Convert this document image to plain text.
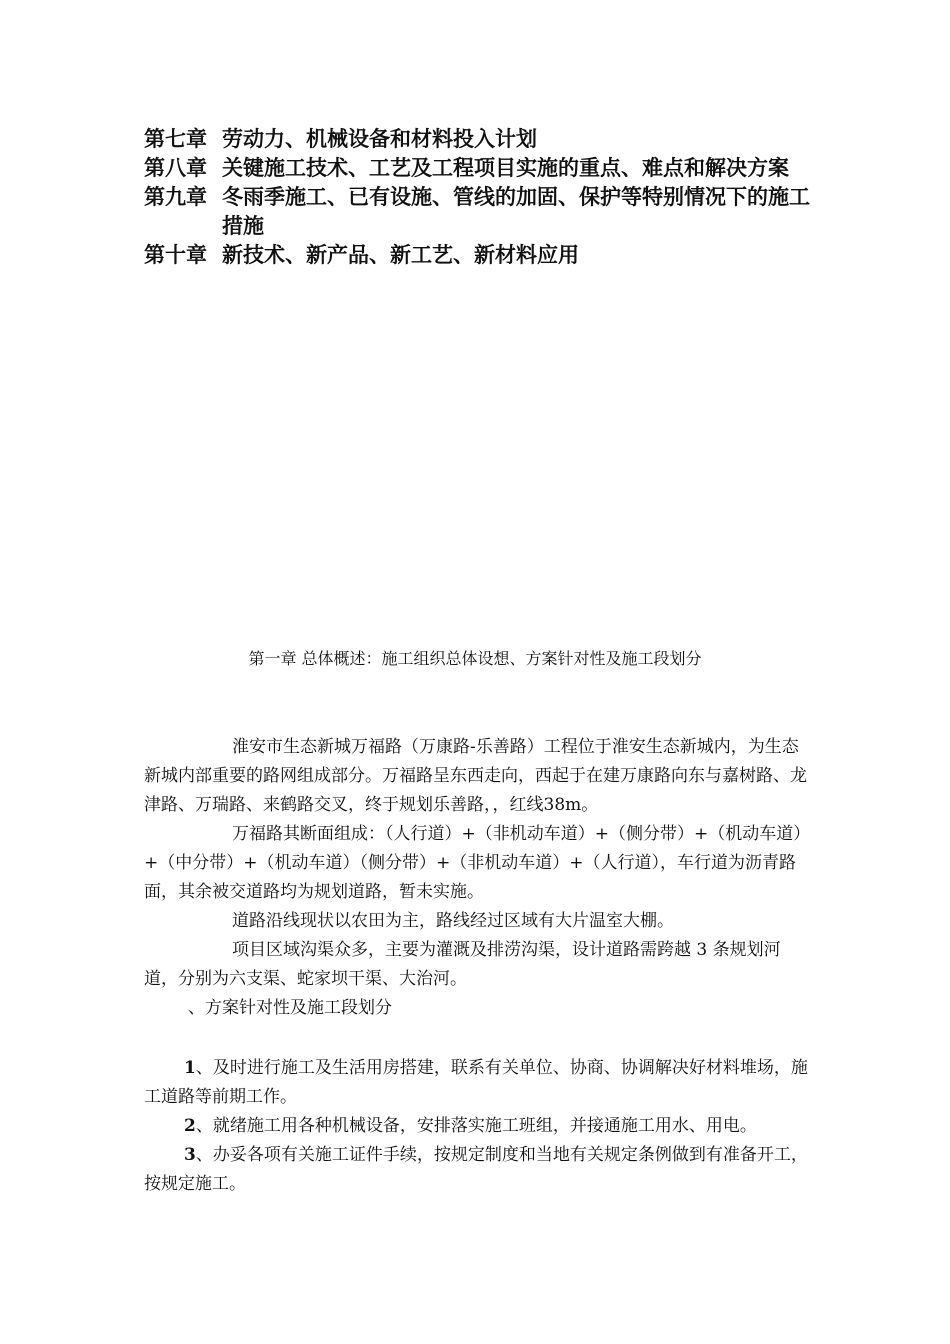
第七章 劳动力、机械设备和材料投入计划
第八章 关键施工技术、工艺及工程项目实施的重点、难点和解决方案
第九章 冬雨季施工、已有设施、管线的加固、保护等特别情况下的施工措施
第十章 新技术、新产品、新工艺、新材料应用
第一章 总体概述：施工组织总体设想、方案针对性及施工段划分

淮安市生态新城万福路（万康路-乐善路）工程位于淮安生态新城内，为生态新城内部重要的路网组成部分。万福路呈东西走向，西起于在建万康路向东与嘉树路、龙津路、万瑞路、来鹤路交叉，终于规划乐善路，，红线38m。

万福路其断面组成：（人行道）+（非机动车道）+（侧分带）+（机动车道）+（中分带）+（机动车道）（侧分带）+（非机动车道）+（人行道），车行道为沥青路面，其余被交道路均为规划道路，暂未实施。

道路沿线现状以农田为主，路线经过区域有大片温室大棚。

项目区域沟渠众多，主要为灌溉及排涝沟渠，设计道路需跨越 3 条规划河道，分别为六支渠、蛇家坝干渠、大治河。

、方案针对性及施工段划分

1、及时进行施工及生活用房搭建，联系有关单位、协商、协调解决好材料堆场，施工道路等前期工作。

2、就绪施工用各种机械设备，安排落实施工班组，并接通施工用水、用电。

3、办妥各项有关施工证件手续，按规定制度和当地有关规定条例做到有准备开工，按规定施工。
